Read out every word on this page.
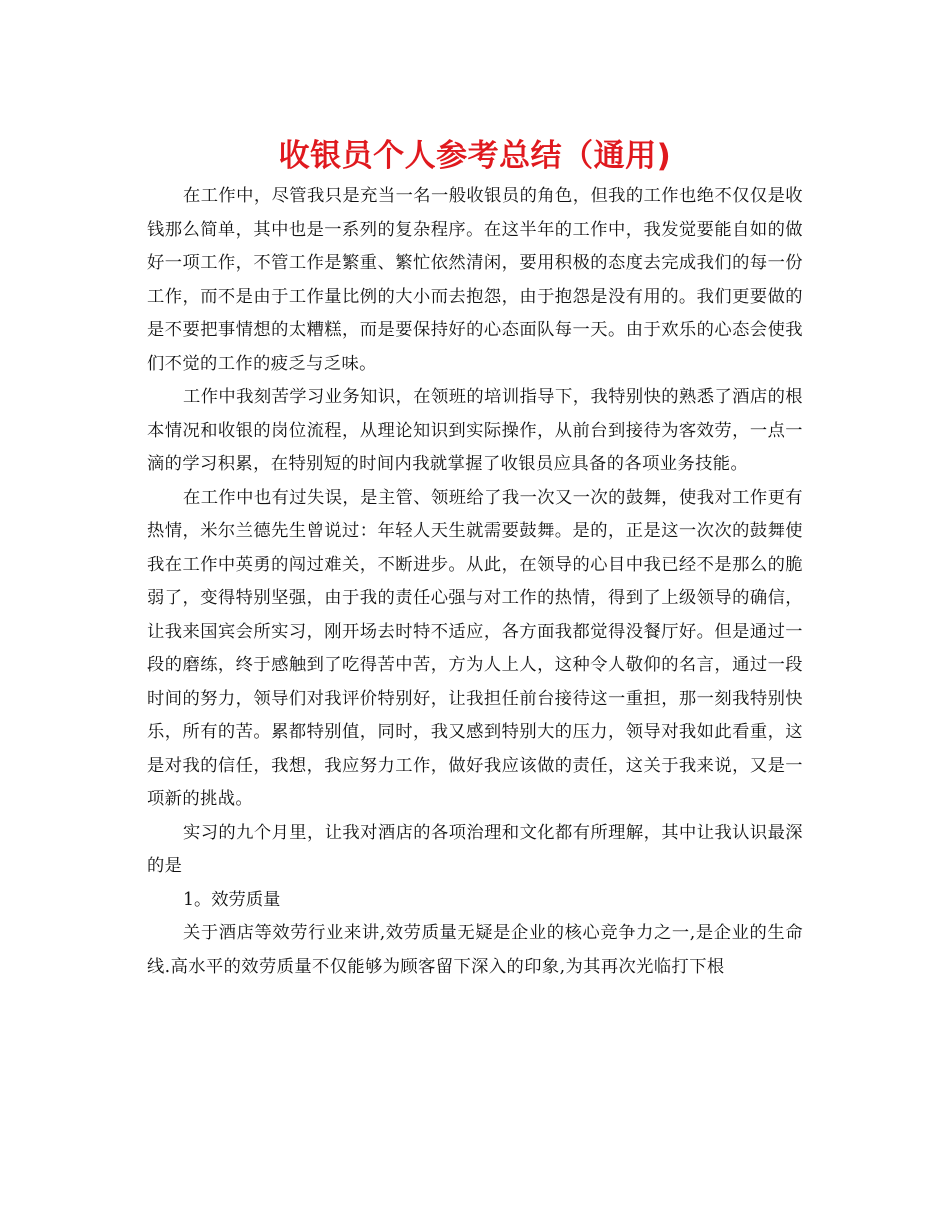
收银员个人参考总结（通用)

在工作中，尽管我只是充当一名一般收银员的角色，但我的工作也绝不仅仅是收钱那么简单，其中也是一系列的复杂程序。在这半年的工作中，我发觉要能自如的做好一项工作，不管工作是繁重、繁忙依然清闲，要用积极的态度去完成我们的每一份工作，而不是由于工作量比例的大小而去抱怨，由于抱怨是没有用的。我们更要做的是不要把事情想的太糟糕，而是要保持好的心态面队每一天。由于欢乐的心态会使我们不觉的工作的疲乏与乏味。

工作中我刻苦学习业务知识，在领班的培训指导下，我特别快的熟悉了酒店的根本情况和收银的岗位流程，从理论知识到实际操作，从前台到接待为客效劳，一点一滴的学习积累，在特别短的时间内我就掌握了收银员应具备的各项业务技能。

在工作中也有过失误，是主管、领班给了我一次又一次的鼓舞，使我对工作更有热情，米尔兰德先生曾说过：年轻人天生就需要鼓舞。是的，正是这一次次的鼓舞使我在工作中英勇的闯过难关，不断进步。从此，在领导的心目中我已经不是那么的脆弱了，变得特别坚强，由于我的责任心强与对工作的热情，得到了上级领导的确信，让我来国宾会所实习，刚开场去时特不适应，各方面我都觉得没餐厅好。但是通过一段的磨练，终于感触到了吃得苦中苦，方为人上人，这种令人敬仰的名言，通过一段时间的努力，领导们对我评价特别好，让我担任前台接待这一重担，那一刻我特别快乐，所有的苦。累都特别值，同时，我又感到特别大的压力，领导对我如此看重，这是对我的信任，我想，我应努力工作，做好我应该做的责任，这关于我来说，又是一项新的挑战。

实习的九个月里，让我对酒店的各项治理和文化都有所理解，其中让我认识最深的是

1。效劳质量

关于酒店等效劳行业来讲,效劳质量无疑是企业的核心竞争力之一,是企业的生命线.高水平的效劳质量不仅能够为顾客留下深入的印象,为其再次光临打下根
